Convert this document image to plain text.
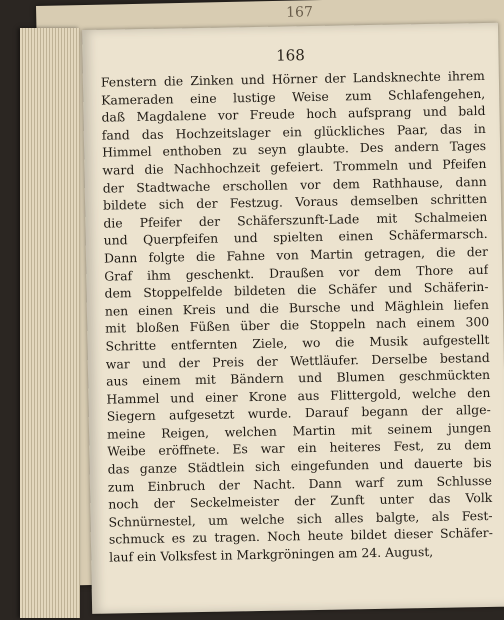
167
168
Fenstern die Zinken und Hörner der Landsknechte ihrem
Kameraden eine lustige Weise zum Schlafengehen,
daß Magdalene vor Freude hoch aufsprang und bald
fand das Hochzeitslager ein glückliches Paar, das in
Himmel enthoben zu seyn glaubte. Des andern Tages
ward die Nachhochzeit gefeiert. Trommeln und Pfeifen
der Stadtwache erschollen vor dem Rathhause, dann
bildete sich der Festzug. Voraus demselben schritten
die Pfeifer der Schäferszunft-Lade mit Schalmeien
und Querpfeifen und spielten einen Schäfermarsch.
Dann folgte die Fahne von Martin getragen, die der
Graf ihm geschenkt. Draußen vor dem Thore auf
dem Stoppelfelde bildeten die Schäfer und Schäferin-
nen einen Kreis und die Bursche und Mäghlein liefen
mit bloßen Füßen über die Stoppeln nach einem 300
Schritte entfernten Ziele, wo die Musik aufgestellt
war und der Preis der Wettläufer. Derselbe bestand
aus einem mit Bändern und Blumen geschmückten
Hammel und einer Krone aus Flittergold, welche den
Siegern aufgesetzt wurde. Darauf begann der allge-
meine Reigen, welchen Martin mit seinem jungen
Weibe eröffnete. Es war ein heiteres Fest, zu dem
das ganze Städtlein sich eingefunden und dauerte bis
zum Einbruch der Nacht. Dann warf zum Schlusse
noch der Seckelmeister der Zunft unter das Volk
Schnürnestel, um welche sich alles balgte, als Fest-
schmuck es zu tragen. Noch heute bildet dieser Schäfer-
lauf ein Volksfest in Markgröningen am 24. August,
